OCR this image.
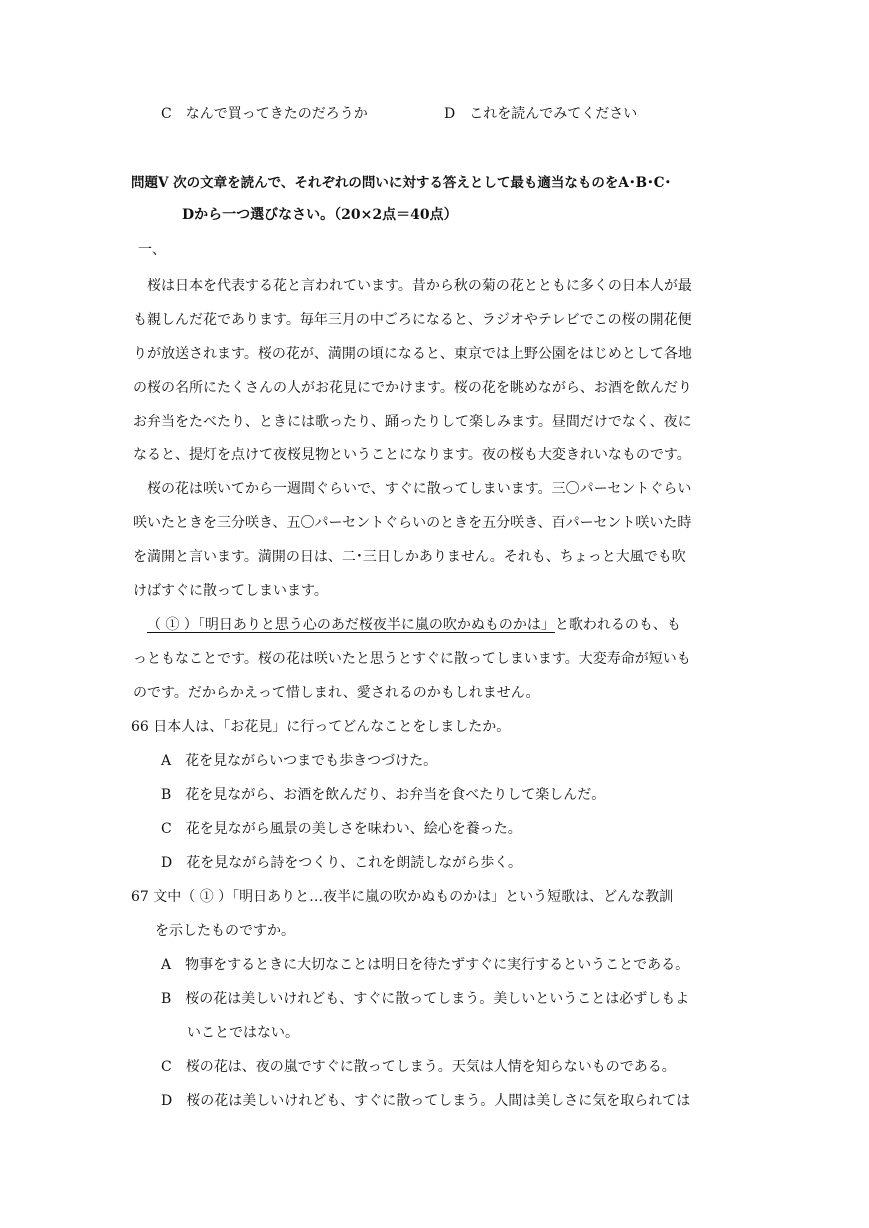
C　なんで買ってきたのだろうか	D　これを読んでみてください
問題Ⅴ 次の文章を読んで、それぞれの問いに対する答えとして最も適当なものをA･B･C･
Dから一つ選びなさい。（20×2点＝40点）
一、
桜は日本を代表する花と言われています。昔から秋の菊の花とともに多くの日本人が最
も親しんだ花であります。毎年三月の中ごろになると、ラジオやテレビでこの桜の開花便
りが放送されます。桜の花が、満開の頃になると、東京では上野公園をはじめとして各地
の桜の名所にたくさんの人がお花見にでかけます。桜の花を眺めながら、お酒を飲んだり
お弁当をたべたり、ときには歌ったり、踊ったりして楽しみます。昼間だけでなく、夜に
なると、提灯を点けて夜桜見物ということになります。夜の桜も大変きれいなものです。
桜の花は咲いてから一週間ぐらいで、すぐに散ってしまいます。三〇パーセントぐらい
咲いたときを三分咲き、五〇パーセントぐらいのときを五分咲き、百パーセント咲いた時
を満開と言います。満開の日は、二･三日しかありません。それも、ちょっと大風でも吹
けばすぐに散ってしまいます。
（ ① ）「明日ありと思う心のあだ桜夜半に嵐の吹かぬものかは」と歌われるのも、も
っともなことです。桜の花は咲いたと思うとすぐに散ってしまいます。大変寿命が短いも
のです。だからかえって惜しまれ、愛されるのかもしれません。
66 日本人は、「お花見」に行ってどんなことをしましたか。
A　花を見ながらいつまでも歩きつづけた。
B　花を見ながら、お酒を飲んだり、お弁当を食べたりして楽しんだ。
C　花を見ながら風景の美しさを味わい、絵心を養った。
D　花を見ながら詩をつくり、これを朗読しながら歩く。
67 文中（ ① ）「明日ありと…夜半に嵐の吹かぬものかは」という短歌は、どんな教訓
を示したものですか。
A　物事をするときに大切なことは明日を待たずすぐに実行するということである。
B　桜の花は美しいけれども、すぐに散ってしまう。美しいということは必ずしもよ
いことではない。
C　桜の花は、夜の嵐ですぐに散ってしまう。天気は人情を知らないものである。
D　桜の花は美しいけれども、すぐに散ってしまう。人間は美しさに気を取られては
